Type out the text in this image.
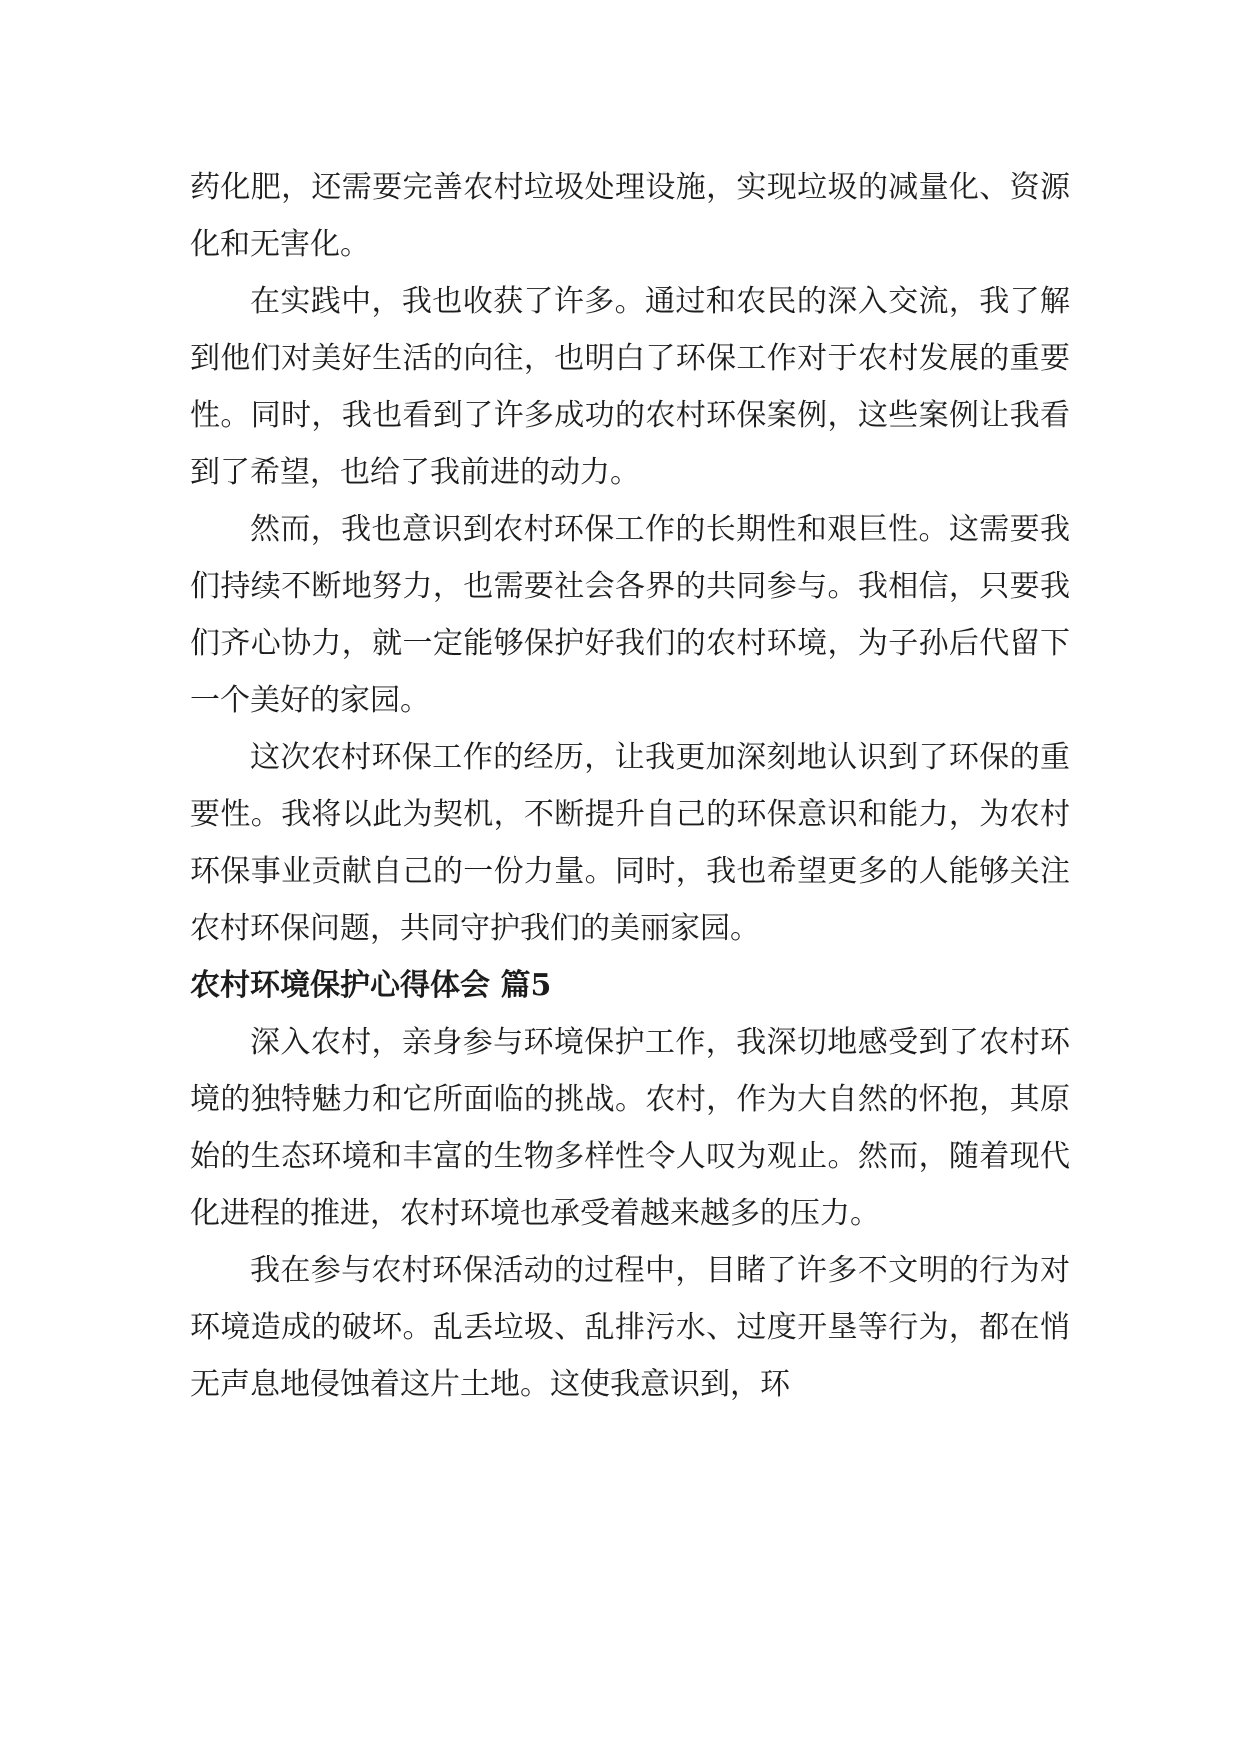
药化肥，还需要完善农村垃圾处理设施，实现垃圾的减量化、资源化和无害化。

在实践中，我也收获了许多。通过和农民的深入交流，我了解到他们对美好生活的向往，也明白了环保工作对于农村发展的重要性。同时，我也看到了许多成功的农村环保案例，这些案例让我看到了希望，也给了我前进的动力。

然而，我也意识到农村环保工作的长期性和艰巨性。这需要我们持续不断地努力，也需要社会各界的共同参与。我相信，只要我们齐心协力，就一定能够保护好我们的农村环境，为子孙后代留下一个美好的家园。

这次农村环保工作的经历，让我更加深刻地认识到了环保的重要性。我将以此为契机，不断提升自己的环保意识和能力，为农村环保事业贡献自己的一份力量。同时，我也希望更多的人能够关注农村环保问题，共同守护我们的美丽家园。

农村环境保护心得体会 篇5

深入农村，亲身参与环境保护工作，我深切地感受到了农村环境的独特魅力和它所面临的挑战。农村，作为大自然的怀抱，其原始的生态环境和丰富的生物多样性令人叹为观止。然而，随着现代化进程的推进，农村环境也承受着越来越多的压力。

我在参与农村环保活动的过程中，目睹了许多不文明的行为对环境造成的破坏。乱丢垃圾、乱排污水、过度开垦等行为，都在悄无声息地侵蚀着这片土地。这使我意识到，环
